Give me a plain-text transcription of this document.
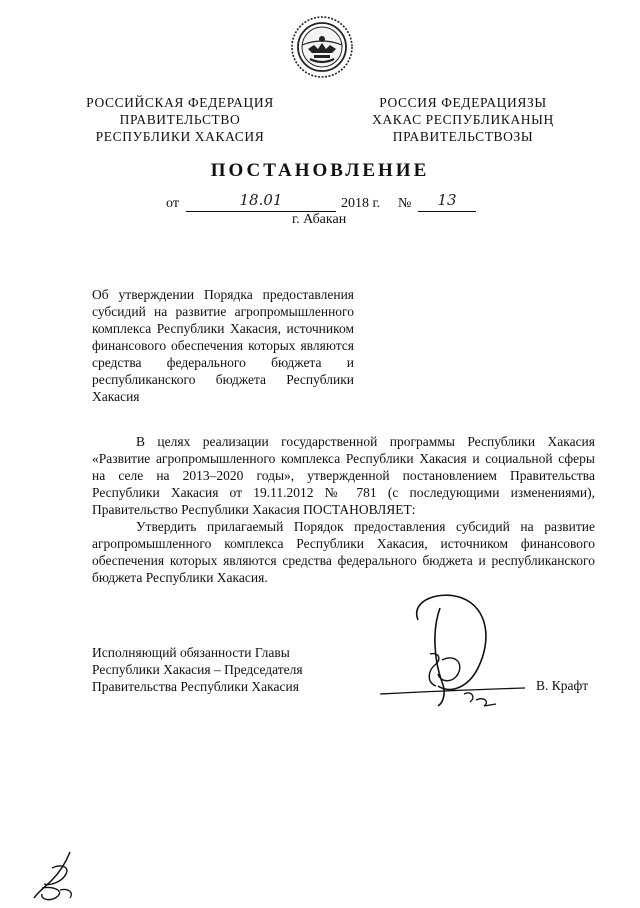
РОССИЙСКАЯ ФЕДЕРАЦИЯ
ПРАВИТЕЛЬСТВО
РЕСПУБЛИКИ ХАКАСИЯ
РОССИЯ ФЕДЕРАЦИЯЗЫ
ХАКАС РЕСПУБЛИКАНЫҢ
ПРАВИТЕЛЬСТВОЗЫ
ПОСТАНОВЛЕНИЕ
от	18.01	2018 г. №	13
г. Абакан
Об утверждении Порядка предоставления субсидий на развитие агропромышленного комплекса Республики Хакасия, источником финансового обеспечения которых являются средства федерального бюджета и республиканского бюджета Республики Хакасия

В целях реализации государственной программы Республики Хакасия «Развитие агропромышленного комплекса Республики Хакасия и социальной сферы на селе на 2013–2020 годы», утвержденной постановлением Правительства Республики Хакасия от 19.11.2012 № 781 (с последующими изменениями), Правительство Республики Хакасия ПОСТАНОВЛЯЕТ:

Утвердить прилагаемый Порядок предоставления субсидий на развитие агропромышленного комплекса Республики Хакасия, источником финансового обеспечения которых являются средства федерального бюджета и республиканского бюджета Республики Хакасия.

Исполняющий обязанности Главы
Республики Хакасия – Председателя
Правительства Республики Хакасия	В. Крафт
